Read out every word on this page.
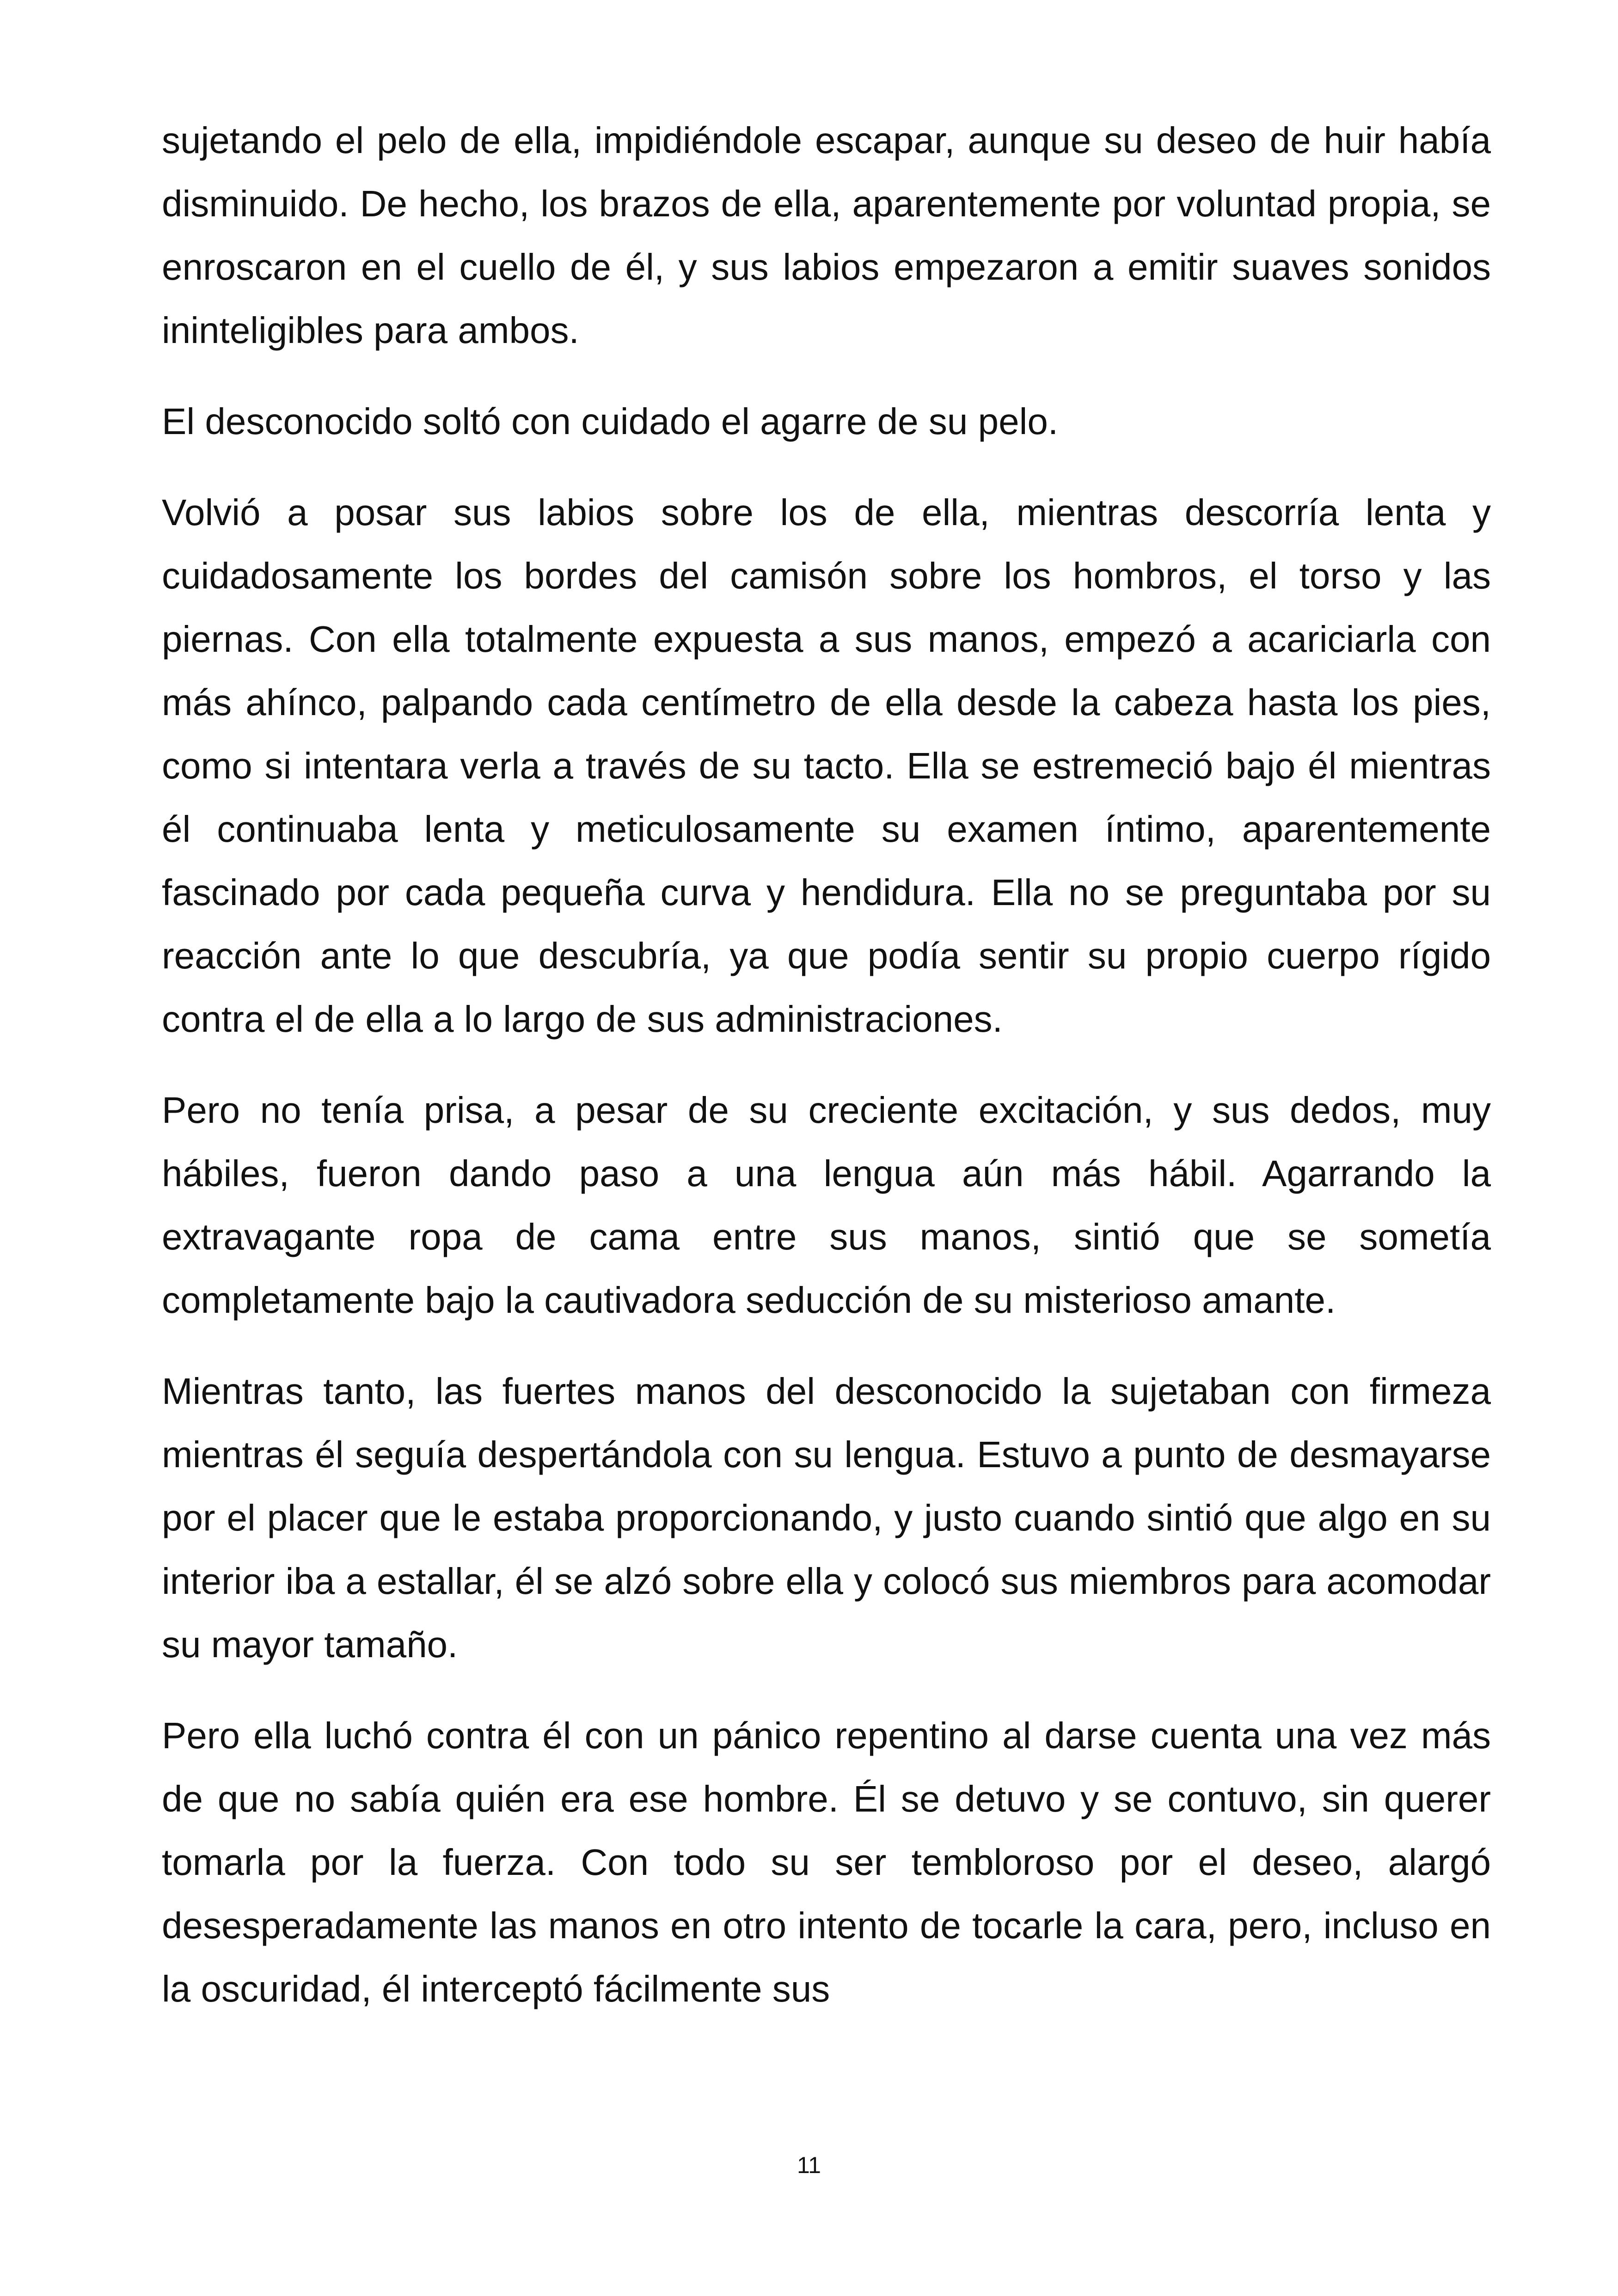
sujetando el pelo de ella, impidiéndole escapar, aunque su deseo de huir había disminuido. De hecho, los brazos de ella, aparentemente por voluntad propia, se enroscaron en el cuello de él, y sus labios empezaron a emitir suaves sonidos ininteligibles para ambos.

El desconocido soltó con cuidado el agarre de su pelo.

Volvió a posar sus labios sobre los de ella, mientras descorría lenta y cuidadosamente los bordes del camisón sobre los hombros, el torso y las piernas. Con ella totalmente expuesta a sus manos, empezó a acariciarla con más ahínco, palpando cada centímetro de ella desde la cabeza hasta los pies, como si intentara verla a través de su tacto. Ella se estremeció bajo él mientras él continuaba lenta y meticulosamente su examen íntimo, aparentemente fascinado por cada pequeña curva y hendidura. Ella no se preguntaba por su reacción ante lo que descubría, ya que podía sentir su propio cuerpo rígido contra el de ella a lo largo de sus administraciones.

Pero no tenía prisa, a pesar de su creciente excitación, y sus dedos, muy hábiles, fueron dando paso a una lengua aún más hábil. Agarrando la extravagante ropa de cama entre sus manos, sintió que se sometía completamente bajo la cautivadora seducción de su misterioso amante.

Mientras tanto, las fuertes manos del desconocido la sujetaban con firmeza mientras él seguía despertándola con su lengua. Estuvo a punto de desmayarse por el placer que le estaba proporcionando, y justo cuando sintió que algo en su interior iba a estallar, él se alzó sobre ella y colocó sus miembros para acomodar su mayor tamaño.

Pero ella luchó contra él con un pánico repentino al darse cuenta una vez más de que no sabía quién era ese hombre. Él se detuvo y se contuvo, sin querer tomarla por la fuerza. Con todo su ser tembloroso por el deseo, alargó desesperadamente las manos en otro intento de tocarle la cara, pero, incluso en la oscuridad, él interceptó fácilmente sus

11
